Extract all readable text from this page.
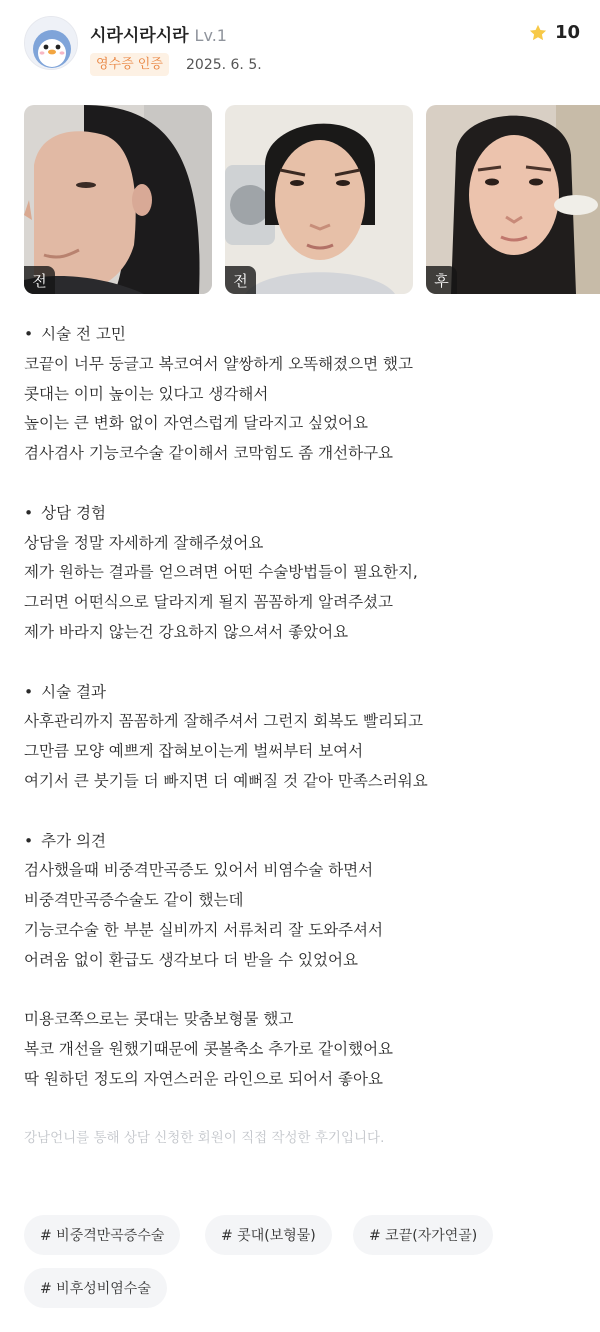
시라시라시라 Lv.1
영수증 인증	2025. 6. 5.
10
전	전	후

• 시술 전 고민

코끝이 너무 둥글고 복코여서 얄쌍하게 오똑해졌으면 했고

콧대는 이미 높이는 있다고 생각해서

높이는 큰 변화 없이 자연스럽게 달라지고 싶었어요

겸사겸사 기능코수술 같이해서 코막힘도 좀 개선하구요

• 상담 경험

상담을 정말 자세하게 잘해주셨어요

제가 원하는 결과를 얻으려면 어떤 수술방법들이 필요한지,

그러면 어떤식으로 달라지게 될지 꼼꼼하게 알려주셨고

제가 바라지 않는건 강요하지 않으셔서 좋았어요

• 시술 결과

사후관리까지 꼼꼼하게 잘해주셔서 그런지 회복도 빨리되고

그만큼 모양 예쁘게 잡혀보이는게 벌써부터 보여서

여기서 큰 붓기들 더 빠지면 더 예뻐질 것 같아 만족스러워요

• 추가 의견

검사했을때 비중격만곡증도 있어서 비염수술 하면서

비중격만곡증수술도 같이 했는데

기능코수술 한 부분 실비까지 서류처리 잘 도와주셔서

어려움 없이 환급도 생각보다 더 받을 수 있었어요

미용코쪽으로는 콧대는 맞춤보형물 했고

복코 개선을 원했기때문에 콧볼축소 추가로 같이했어요

딱 원하던 정도의 자연스러운 라인으로 되어서 좋아요

강남언니를 통해 상담 신청한 회원이 직접 작성한 후기입니다.
# 비중격만곡증수술	# 콧대(보형물)	# 코끝(자가연골)
# 비후성비염수술
